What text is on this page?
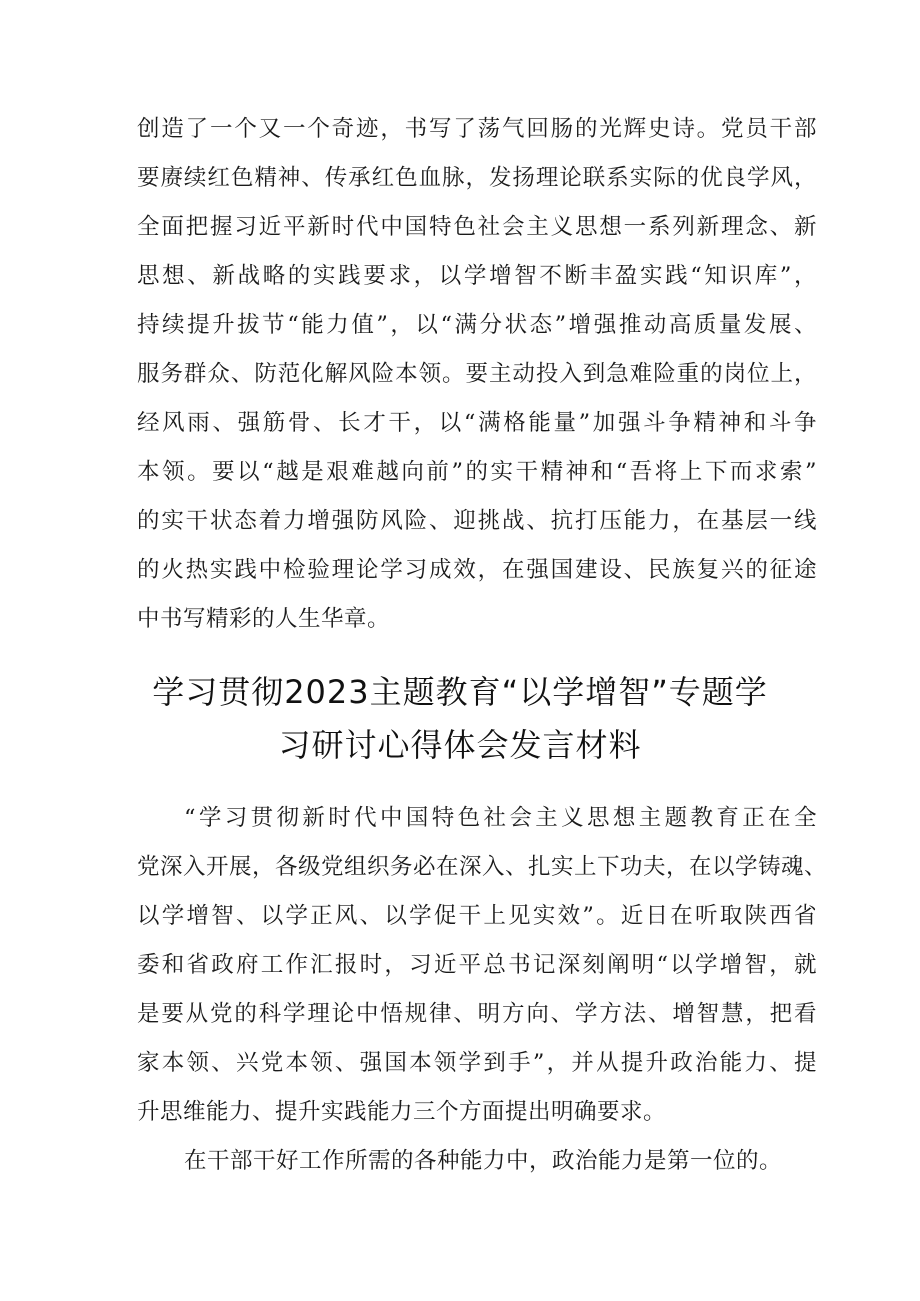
创造了一个又一个奇迹，书写了荡气回肠的光辉史诗。党员干部
要赓续红色精神、传承红色血脉，发扬理论联系实际的优良学风，
全面把握习近平新时代中国特色社会主义思想一系列新理念、新
思想、新战略的实践要求，以学增智不断丰盈实践“知识库”，
持续提升拔节“能力值”，以“满分状态”增强推动高质量发展、
服务群众、防范化解风险本领。要主动投入到急难险重的岗位上，
经风雨、强筋骨、长才干，以“满格能量”加强斗争精神和斗争
本领。要以“越是艰难越向前”的实干精神和“吾将上下而求索”
的实干状态着力增强防风险、迎挑战、抗打压能力，在基层一线
的火热实践中检验理论学习成效，在强国建设、民族复兴的征途
中书写精彩的人生华章。
学习贯彻2023主题教育“以学增智”专题学
习研讨心得体会发言材料
“学习贯彻新时代中国特色社会主义思想主题教育正在全
党深入开展，各级党组织务必在深入、扎实上下功夫，在以学铸魂、
以学增智、以学正风、以学促干上见实效”。近日在听取陕西省
委和省政府工作汇报时，习近平总书记深刻阐明“以学增智，就
是要从党的科学理论中悟规律、明方向、学方法、增智慧，把看
家本领、兴党本领、强国本领学到手”，并从提升政治能力、提
升思维能力、提升实践能力三个方面提出明确要求。
在干部干好工作所需的各种能力中，政治能力是第一位的。
